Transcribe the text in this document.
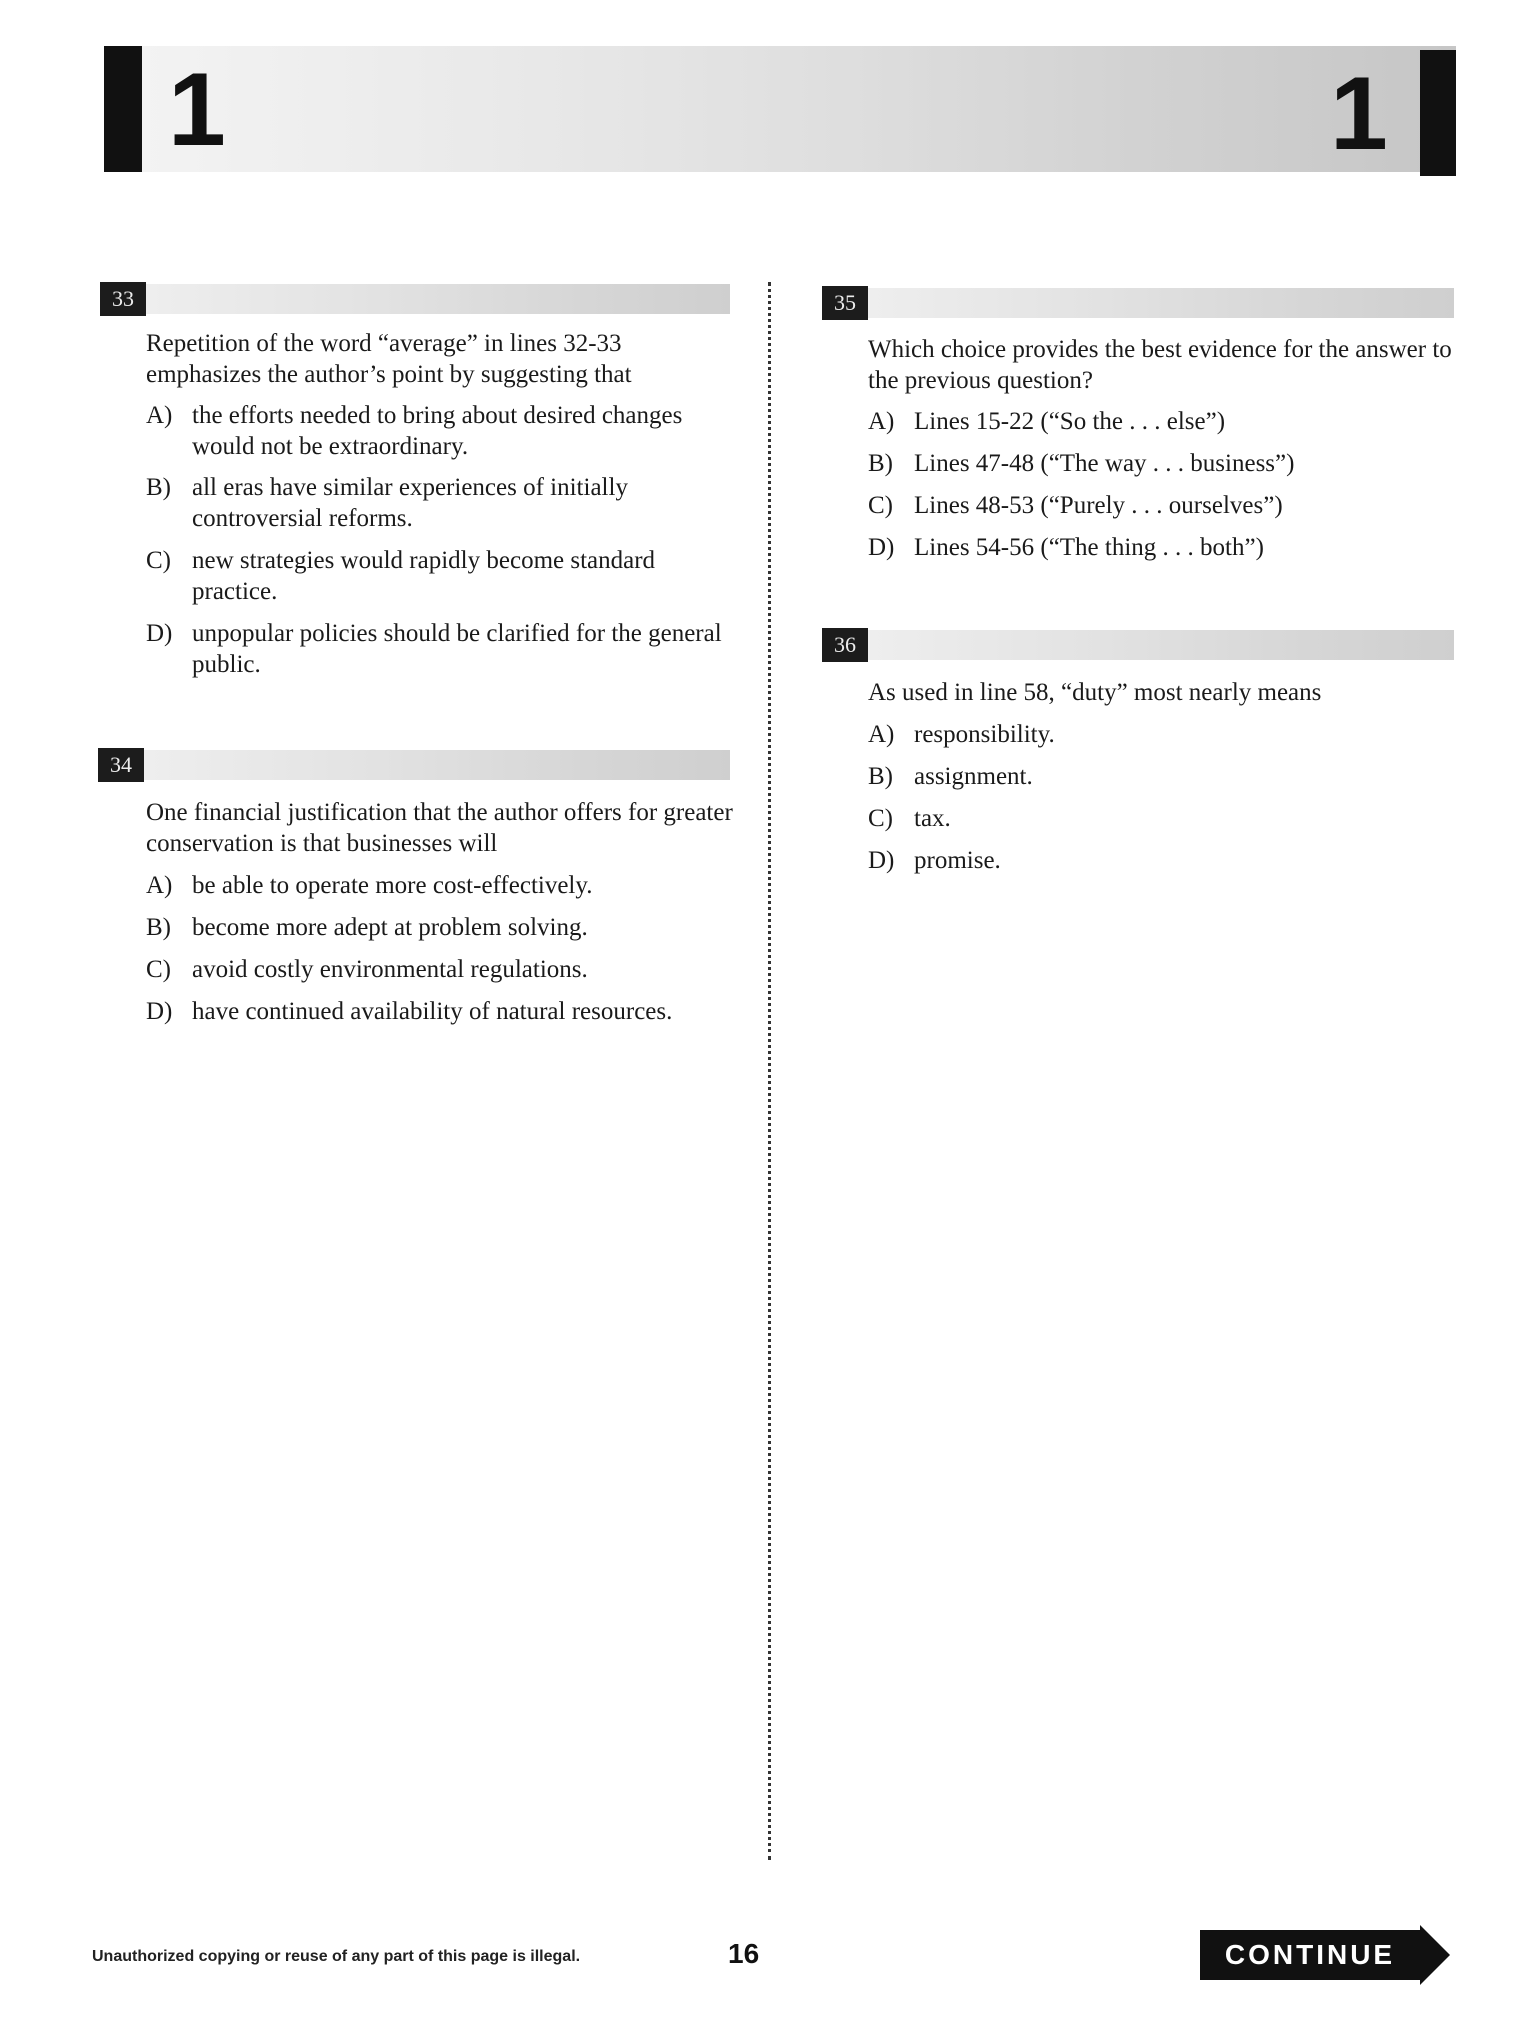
1	1
33

Repetition of the word “average” in lines 32-33 emphasizes the author’s point by suggesting that

A) the efforts needed to bring about desired changes would not be extraordinary.
B) all eras have similar experiences of initially controversial reforms.
C) new strategies would rapidly become standard practice.
D) unpopular policies should be clarified for the general public.
34

One financial justification that the author offers for greater conservation is that businesses will

A) be able to operate more cost-effectively.
B) become more adept at problem solving.
C) avoid costly environmental regulations.
D) have continued availability of natural resources.
35

Which choice provides the best evidence for the answer to the previous question?

A) Lines 15-22 (“So the . . . else”)
B) Lines 47-48 (“The way . . . business”)
C) Lines 48-53 (“Purely . . . ourselves”)
D) Lines 54-56 (“The thing . . . both”)
36

As used in line 58, “duty” most nearly means

A) responsibility.
B) assignment.
C) tax.
D) promise.
Unauthorized copying or reuse of any part of this page is illegal.	16	CONTINUE
